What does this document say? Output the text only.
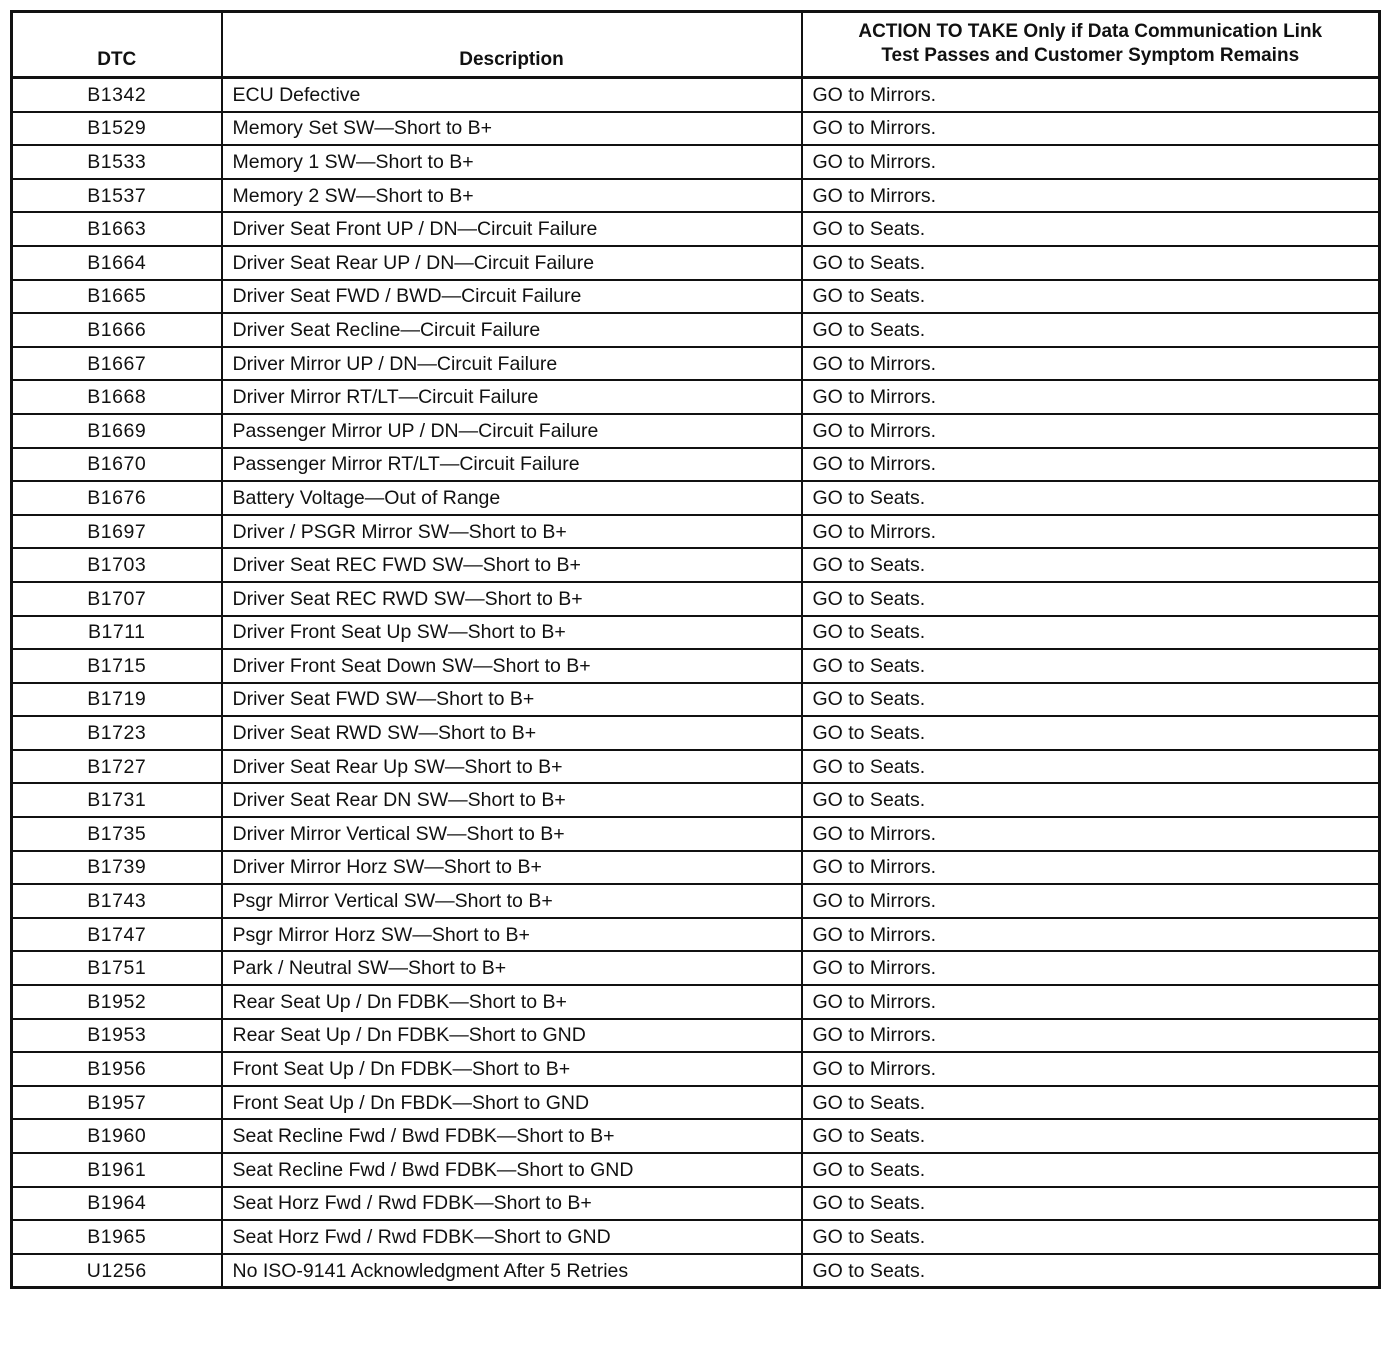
DTC	Description	ACTION TO TAKE Only if Data Communication Link
Test Passes and Customer Symptom Remains

B1342	ECU Defective	GO to Mirrors.
B1529	Memory Set SW—Short to B+	GO to Mirrors.
B1533	Memory 1 SW—Short to B+	GO to Mirrors.
B1537	Memory 2 SW—Short to B+	GO to Mirrors.
B1663	Driver Seat Front UP / DN—Circuit Failure	GO to Seats.
B1664	Driver Seat Rear UP / DN—Circuit Failure	GO to Seats.
B1665	Driver Seat FWD / BWD—Circuit Failure	GO to Seats.
B1666	Driver Seat Recline—Circuit Failure	GO to Seats.
B1667	Driver Mirror UP / DN—Circuit Failure	GO to Mirrors.
B1668	Driver Mirror RT/LT—Circuit Failure	GO to Mirrors.
B1669	Passenger Mirror UP / DN—Circuit Failure	GO to Mirrors.
B1670	Passenger Mirror RT/LT—Circuit Failure	GO to Mirrors.
B1676	Battery Voltage—Out of Range	GO to Seats.
B1697	Driver / PSGR Mirror SW—Short to B+	GO to Mirrors.
B1703	Driver Seat REC FWD SW—Short to B+	GO to Seats.
B1707	Driver Seat REC RWD SW—Short to B+	GO to Seats.
B1711	Driver Front Seat Up SW—Short to B+	GO to Seats.
B1715	Driver Front Seat Down SW—Short to B+	GO to Seats.
B1719	Driver Seat FWD SW—Short to B+	GO to Seats.
B1723	Driver Seat RWD SW—Short to B+	GO to Seats.
B1727	Driver Seat Rear Up SW—Short to B+	GO to Seats.
B1731	Driver Seat Rear DN SW—Short to B+	GO to Seats.
B1735	Driver Mirror Vertical SW—Short to B+	GO to Mirrors.
B1739	Driver Mirror Horz SW—Short to B+	GO to Mirrors.
B1743	Psgr Mirror Vertical SW—Short to B+	GO to Mirrors.
B1747	Psgr Mirror Horz SW—Short to B+	GO to Mirrors.
B1751	Park / Neutral SW—Short to B+	GO to Mirrors.
B1952	Rear Seat Up / Dn FDBK—Short to B+	GO to Mirrors.
B1953	Rear Seat Up / Dn FDBK—Short to GND	GO to Mirrors.
B1956	Front Seat Up / Dn FDBK—Short to B+	GO to Mirrors.
B1957	Front Seat Up / Dn FBDK—Short to GND	GO to Seats.
B1960	Seat Recline Fwd / Bwd FDBK—Short to B+	GO to Seats.
B1961	Seat Recline Fwd / Bwd FDBK—Short to GND	GO to Seats.
B1964	Seat Horz Fwd / Rwd FDBK—Short to B+	GO to Seats.
B1965	Seat Horz Fwd / Rwd FDBK—Short to GND	GO to Seats.
U1256	No ISO-9141 Acknowledgment After 5 Retries	GO to Seats.
